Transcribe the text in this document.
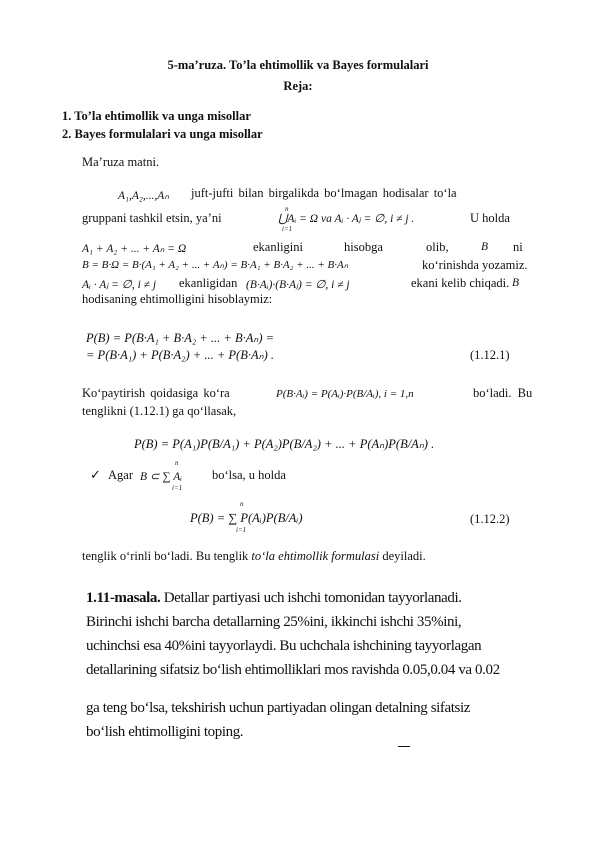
5-ma’ruza. To’la ehtimollik va Bayes formulalari
Reja:
1. To’la ehtimollik va unga misollar
2. Bayes formulalari va unga misollar
Ma’ruza matni.
A₁,A₂,...,Aₙ juft-jufti bilan birgalikda bo‘lmagan hodisalar to‘la
gruppani tashkil etsin, ya’ni	⋃Aᵢ = Ω va Aᵢ · Aⱼ = ∅, i ≠ j .
n
i=1
U holda
A₁ + A₂ + ... + Aₙ = Ω	ekanligini	hisobga	olib,	B ni
B = B·Ω = B·(A₁ + A₂ + ... + Aₙ) = B·A₁ + B·A₂ + ... + B·Aₙ	ko‘rinishda yozamiz.
Aᵢ · Aⱼ = ∅, i ≠ j ekanligidan (B·Aᵢ)·(B·Aⱼ) = ∅, i ≠ j	ekani kelib chiqadi. B
hodisaning ehtimolligini hisoblaymiz:
P(B) = P(B·A₁ + B·A₂ + ... + B·Aₙ) =
= P(B·A₁) + P(B·A₂) + ... + P(B·Aₙ) .	(1.12.1)
Ko‘paytirish qoidasiga ko‘ra	P(B·Aᵢ) = P(Aᵢ)·P(B/Aᵢ), i = 1,n	bo‘ladi. Bu
tenglikni (1.12.1) ga qo‘llasak,
P(B) = P(A₁)P(B/A₁) + P(A₂)P(B/A₂) + ... + P(Aₙ)P(B/Aₙ) .
✓ Agar B ⊂ ∑ Aᵢ
n
i=1
bo‘lsa, u holda
P(B) = ∑ P(Aᵢ)P(B/Aᵢ)
n
i=1
(1.12.2)
tenglik o‘rinli bo‘ladi. Bu tenglik to‘la ehtimollik formulasi deyiladi.
1.11-masala. Detallar partiyasi uch ishchi tomonidan tayyorlanadi.
Birinchi ishchi barcha detallarning 25%ini, ikkinchi ishchi 35%ini,
uchinchsi esa 40%ini tayyorlaydi. Bu uchchala ishchining tayyorlagan
detallarining sifatsiz bo‘lish ehtimolliklari mos ravishda 0.05,0.04 va 0.02
ga teng bo‘lsa, tekshirish uchun partiyadan olingan detalning sifatsiz
bo‘lish ehtimolligini toping.
